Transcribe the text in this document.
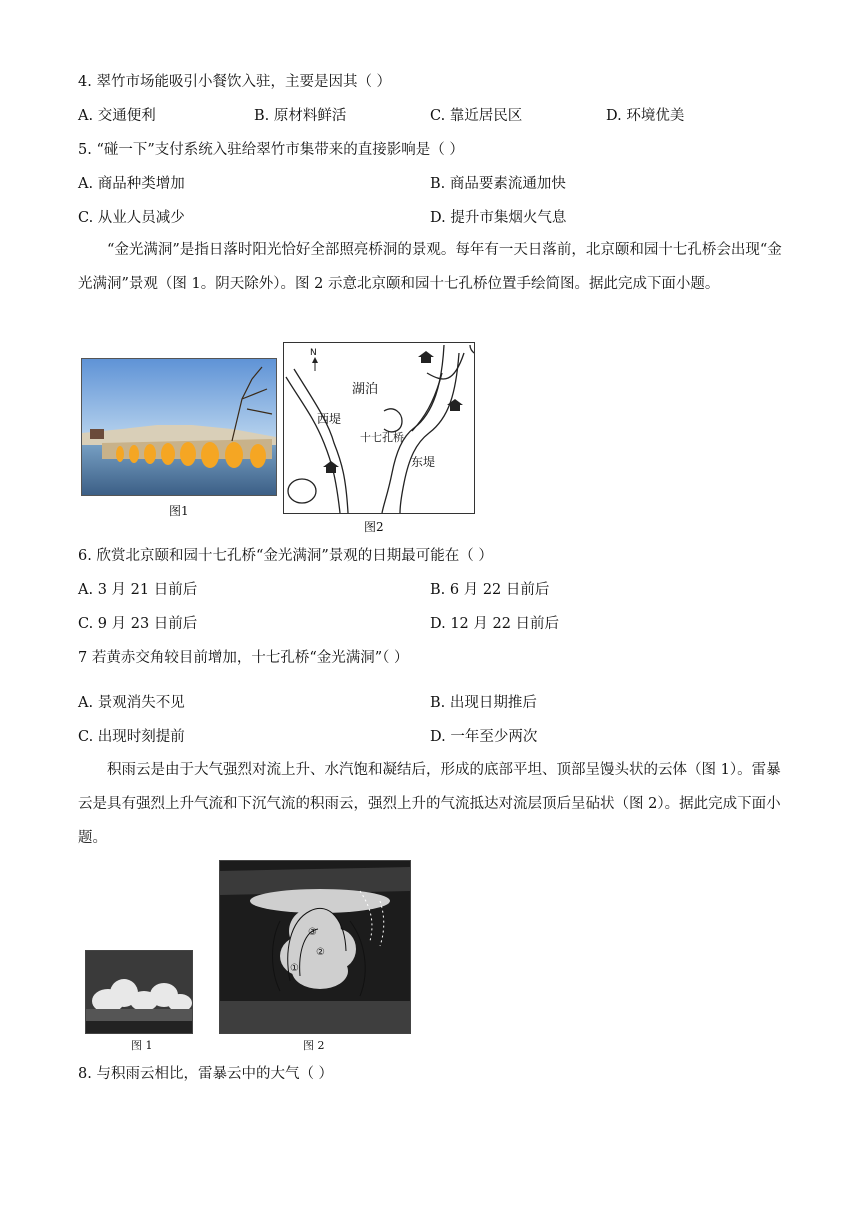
4. 翠竹市场能吸引小餐饮入驻，主要是因其（ ）
A. 交通便利	B. 原材料鲜活	C. 靠近居民区	D. 环境优美
5. “碰一下”支付系统入驻给翠竹市集带来的直接影响是（ ）
A. 商品种类增加	B. 商品要素流通加快
C. 从业人员减少	D. 提升市集烟火气息
“金光满洞”是指日落时阳光恰好全部照亮桥洞的景观。每年有一天日落前，北京颐和园十七孔桥会出现“金光满洞”景观（图 1。阴天除外）。图 2 示意北京颐和园十七孔桥位置手绘简图。据此完成下面小题。
图1
N
湖泊
西堤
十七孔桥
东堤
图2
6. 欣赏北京颐和园十七孔桥“金光满洞”景观的日期最可能在（ ）
A. 3 月 21 日前后	B. 6 月 22 日前后
C. 9 月 23 日前后	D. 12 月 22 日前后
7 若黄赤交角较目前增加，十七孔桥“金光满洞”（ ）
A. 景观消失不见	B. 出现日期推后
C. 出现时刻提前	D. 一年至少两次
积雨云是由于大气强烈对流上升、水汽饱和凝结后，形成的底部平坦、顶部呈馒头状的云体（图 1）。雷暴云是具有强烈上升气流和下沉气流的积雨云，强烈上升的气流抵达对流层顶后呈砧状（图 2）。据此完成下面小题。
图 1
③
②
①
图 2
8. 与积雨云相比，雷暴云中的大气（ ）
